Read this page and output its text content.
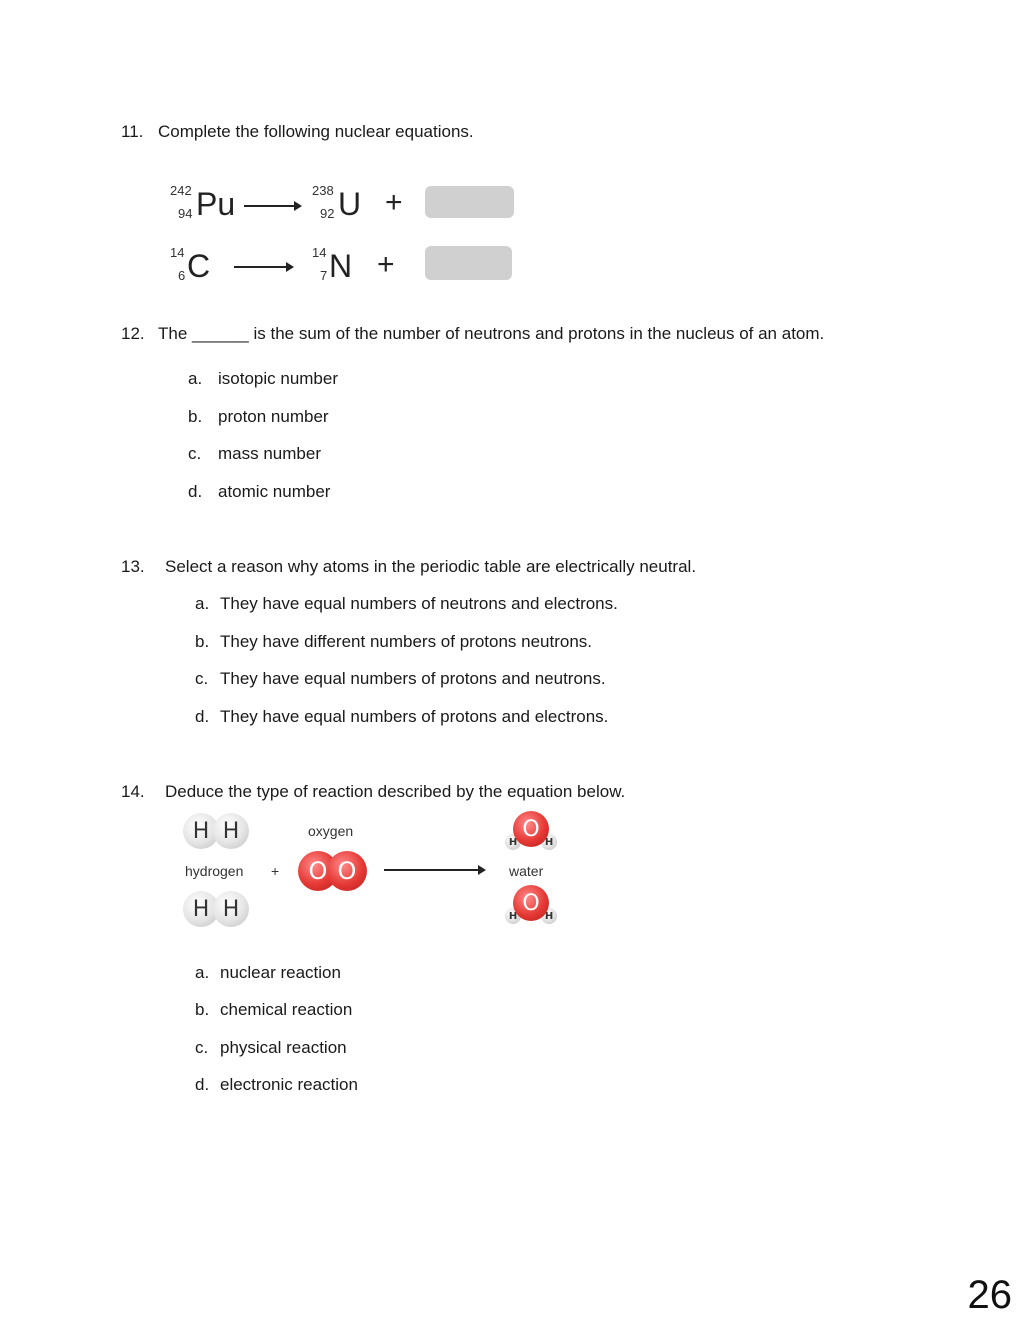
11. Complete the following nuclear equations.
242
94 Pu	238
92 U +
14
6 C	14
7 N +
12. The ______ is the sum of the number of neutrons and protons in the nucleus of an atom.
a. isotopic number
b. proton number
c. mass number
d. atomic number
13. Select a reason why atoms in the periodic table are electrically neutral.
a. They have equal numbers of neutrons and electrons.
b. They have different numbers of protons neutrons.
c. They have equal numbers of protons and neutrons.
d. They have equal numbers of protons and electrons.
14. Deduce the type of reaction described by the equation below.
H H
hydrogen
H H
+
oxygen
O O
H	H
O
water
H	H
O
a. nuclear reaction
b. chemical reaction
c. physical reaction
d. electronic reaction
26
